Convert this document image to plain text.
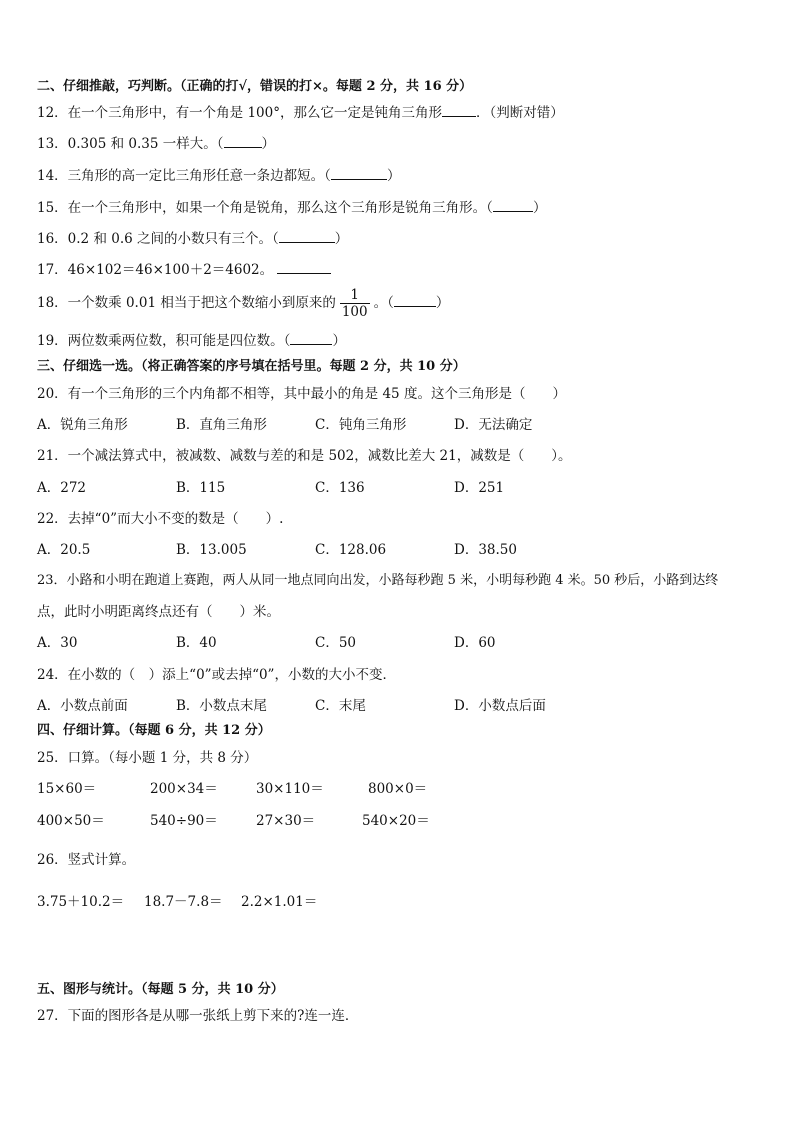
二、仔细推敲，巧判断。（正确的打√，错误的打×。每题 2 分，共 16 分）
12．在一个三角形中，有一个角是 100°，那么它一定是钝角三角形	．（判断对错）
13．0.305 和 0.35 一样大。（	）
14．三角形的高一定比三角形任意一条边都短。（	）
15．在一个三角形中，如果一个角是锐角，那么这个三角形是锐角三角形。（	）
16．0.2 和 0.6 之间的小数只有三个。（	）
17．46×102＝46×100＋2＝4602。
18．一个数乘 0.01 相当于把这个数缩小到原来的 $\frac{1}{100}$ 。（	）
19．两位数乘两位数，积可能是四位数。（	）
三、仔细选一选。（将正确答案的序号填在括号里。每题 2 分，共 10 分）
20．有一个三角形的三个内角都不相等，其中最小的角是 45 度。这个三角形是（　　）
A．锐角三角形	B．直角三角形	C．钝角三角形	D．无法确定
21．一个减法算式中，被减数、减数与差的和是 502，减数比差大 21，减数是（　　）。
A．272	B．115	C．136	D．251
22．去掉“0”而大小不变的数是（　　）.
A．20.5	B．13.005	C．128.06	D．38.50
23．小路和小明在跑道上赛跑，两人从同一地点同向出发，小路每秒跑 5 米，小明每秒跑 4 米。50 秒后，小路到达终
点，此时小明距离终点还有（　　）米。
A．30	B．40	C．50	D．60
24．在小数的（　）添上“0”或去掉“0”，小数的大小不变．
A．小数点前面	B．小数点末尾	C．末尾	D．小数点后面
四、仔细计算。（每题 6 分，共 12 分）
25．口算。（每小题 1 分，共 8 分）
15×60＝	200×34＝	30×110＝	800×0＝
400×50＝	540÷90＝	27×30＝	540×20＝
26．竖式计算。
3.75＋10.2＝ 18.7－7.8＝ 2.2×1.01＝
五、图形与统计。（每题 5 分，共 10 分）
27．下面的图形各是从哪一张纸上剪下来的?连一连．
